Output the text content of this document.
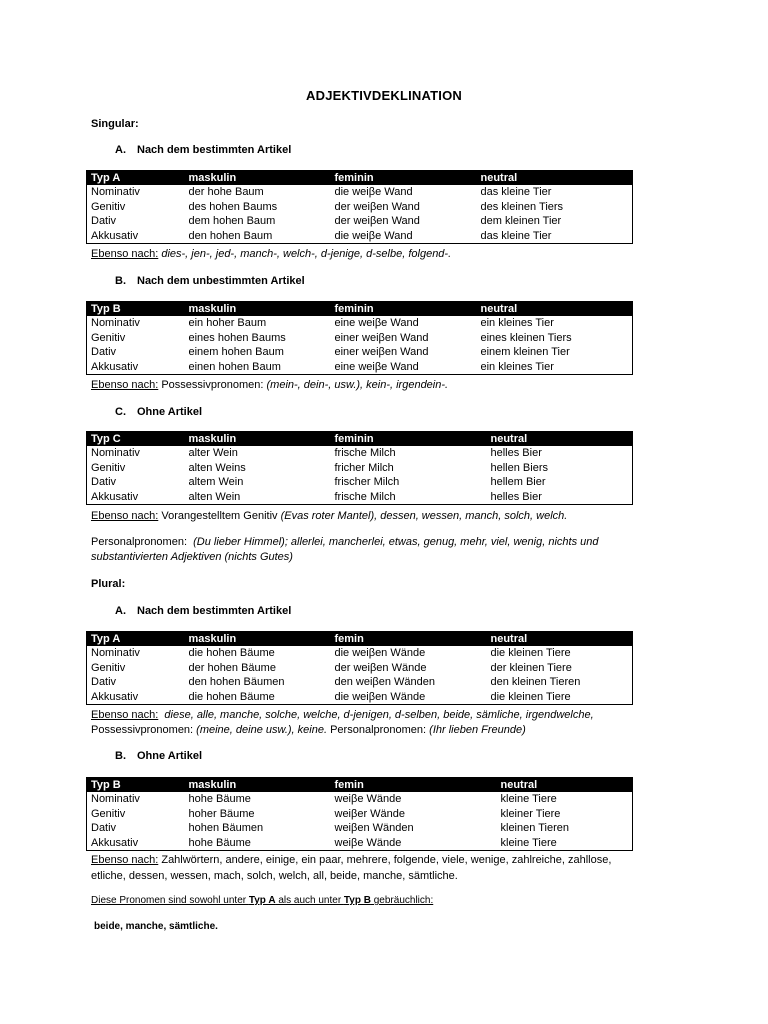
ADJEKTIVDEKLINATION
Singular:
A. Nach dem bestimmten Artikel
Typ A	maskulin	feminin	neutral
Nominativ	der hohe Baum	die weiβe Wand	das kleine Tier
Genitiv	des hohen Baums	der weiβen Wand	des kleinen Tiers
Dativ	dem hohen Baum	der weiβen Wand	dem kleinen Tier
Akkusativ	den hohen Baum	die weiβe Wand	das kleine Tier
Ebenso nach: dies-, jen-, jed-, manch-, welch-, d-jenige, d-selbe, folgend-.
B. Nach dem unbestimmten Artikel
Typ B	maskulin	feminin	neutral
Nominativ	ein hoher Baum	eine weiβe Wand	ein kleines Tier
Genitiv	eines hohen Baums	einer weiβen Wand	eines kleinen Tiers
Dativ	einem hohen Baum	einer weiβen Wand	einem kleinen Tier
Akkusativ	einen hohen Baum	eine weiβe Wand	ein kleines Tier
Ebenso nach: Possessivpronomen: (mein-, dein-, usw.), kein-, irgendein-.
C. Ohne Artikel
Typ C	maskulin	feminin	neutral
Nominativ	alter Wein	frische Milch	helles Bier
Genitiv	alten Weins	fricher Milch	hellen Biers
Dativ	altem Wein	frischer Milch	hellem Bier
Akkusativ	alten Wein	frische Milch	helles Bier
Ebenso nach: Vorangestelltem Genitiv (Evas roter Mantel), dessen, wessen, manch, solch, welch.
Personalpronomen: (Du lieber Himmel); allerlei, mancherlei, etwas, genug, mehr, viel, wenig, nichts und
substantivierten Adjektiven (nichts Gutes)
Plural:
A. Nach dem bestimmten Artikel
Typ A	maskulin	femin	neutral
Nominativ	die hohen Bäume	die weiβen Wände	die kleinen Tiere
Genitiv	der hohen Bäume	der weiβen Wände	der kleinen Tiere
Dativ	den hohen Bäumen	den weiβen Wänden	den kleinen Tieren
Akkusativ	die hohen Bäume	die weiβen Wände	die kleinen Tiere
Ebenso nach: diese, alle, manche, solche, welche, d-jenigen, d-selben, beide, sämliche, irgendwelche,
Possessivpronomen: (meine, deine usw.), keine. Personalpronomen: (Ihr lieben Freunde)
B. Ohne Artikel
Typ B	maskulin	femin	neutral
Nominativ	hohe Bäume	weiβe Wände	kleine Tiere
Genitiv	hoher Bäume	weiβer Wände	kleiner Tiere
Dativ	hohen Bäumen	weiβen Wänden	kleinen Tieren
Akkusativ	hohe Bäume	weiβe Wände	kleine Tiere
Ebenso nach: Zahlwörtern, andere, einige, ein paar, mehrere, folgende, viele, wenige, zahlreiche, zahllose,
etliche, dessen, wessen, mach, solch, welch, all, beide, manche, sämtliche.
Diese Pronomen sind sowohl unter Typ A als auch unter Typ B gebräuchlich:
beide, manche, sämtliche.
